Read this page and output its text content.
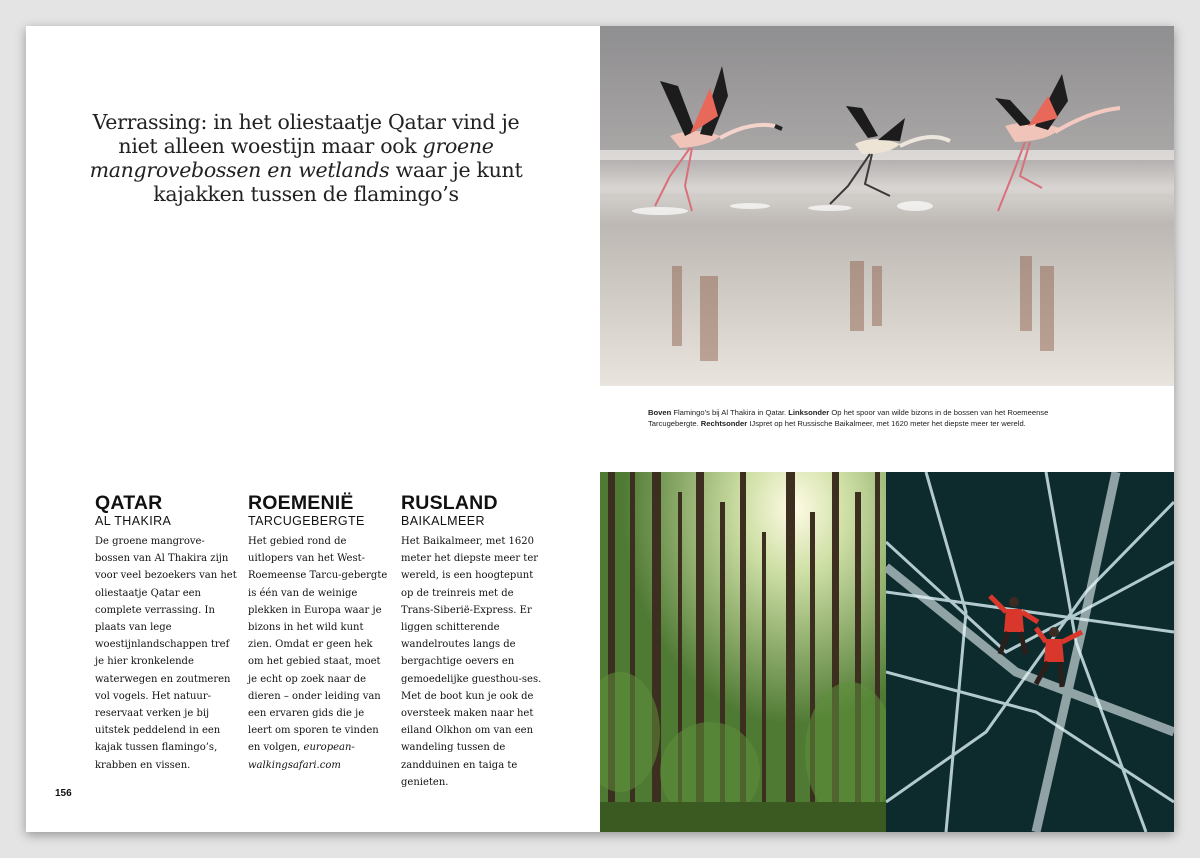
Verrassing: in het oliestaatje Qatar vind je niet alleen woestijn maar ook groene mangrovebossen en wetlands waar je kunt kajakken tussen de flamingo’s
QATAR
AL THAKIRA

De groene mangrove-bossen van Al Thakira zijn voor veel bezoekers van het oliestaatje Qatar een complete verrassing. In plaats van lege woestijnlandschappen tref je hier kronkelende waterwegen en zoutmeren vol vogels. Het natuur-reservaat verken je bij uitstek peddelend in een kajak tussen flamingo’s, krabben en vissen.

ROEMENIË
TARCUGEBERGTE

Het gebied rond de uitlopers van het West-Roemeense Tarcu-gebergte is één van de weinige plekken in Europa waar je bizons in het wild kunt zien. Omdat er geen hek om het gebied staat, moet je echt op zoek naar de dieren – onder leiding van een ervaren gids die je leert om sporen te vinden en volgen, european-walkingsafari.com

RUSLAND
BAIKALMEER

Het Baikalmeer, met 1620 meter het diepste meer ter wereld, is een hoogtepunt op de treinreis met de Trans-Siberië-Express. Er liggen schitterende wandelroutes langs de bergachtige oevers en gemoedelijke guesthou-ses. Met de boot kun je ook de oversteek maken naar het eiland Olkhon om van een wandeling tussen de zandduinen en taiga te genieten.

156
Boven Flamingo’s bij Al Thakira in Qatar. Linksonder Op het spoor van wilde bizons in de bossen van het Roemeense Tarcugebergte. Rechtsonder IJspret op het Russische Baikalmeer, met 1620 meter het diepste meer ter wereld.
